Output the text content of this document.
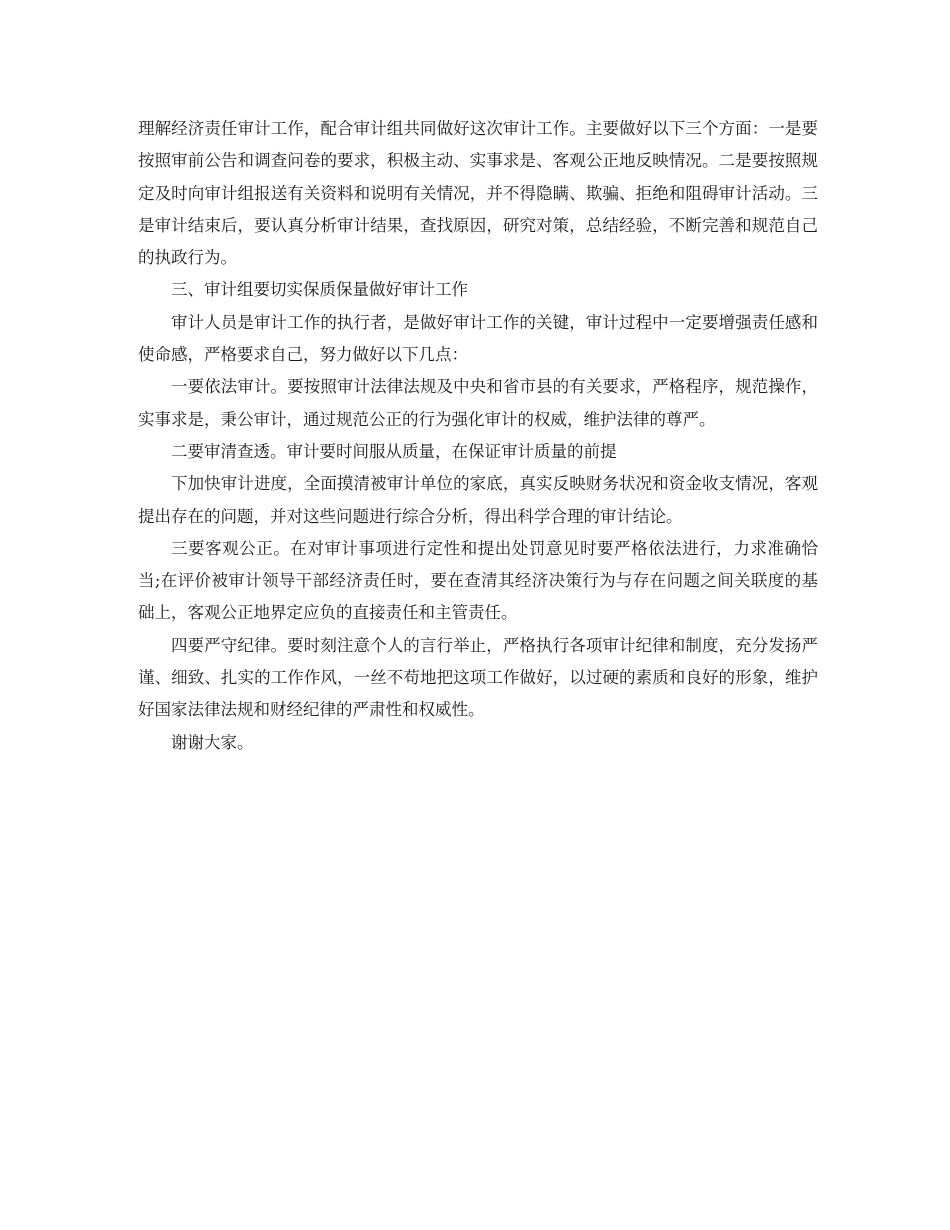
理解经济责任审计工作，配合审计组共同做好这次审计工作。主要做好以下三个方面：一是要按照审前公告和调查问卷的要求，积极主动、实事求是、客观公正地反映情况。二是要按照规定及时向审计组报送有关资料和说明有关情况，并不得隐瞒、欺骗、拒绝和阻碍审计活动。三是审计结束后，要认真分析审计结果，查找原因，研究对策，总结经验，不断完善和规范自己的执政行为。

三、审计组要切实保质保量做好审计工作

审计人员是审计工作的执行者，是做好审计工作的关键，审计过程中一定要增强责任感和使命感，严格要求自己，努力做好以下几点：

一要依法审计。要按照审计法律法规及中央和省市县的有关要求，严格程序，规范操作，实事求是，秉公审计，通过规范公正的行为强化审计的权威，维护法律的尊严。

二要审清查透。审计要时间服从质量，在保证审计质量的前提

下加快审计进度，全面摸清被审计单位的家底，真实反映财务状况和资金收支情况，客观提出存在的问题，并对这些问题进行综合分析，得出科学合理的审计结论。

三要客观公正。在对审计事项进行定性和提出处罚意见时要严格依法进行，力求准确恰当;在评价被审计领导干部经济责任时，要在查清其经济决策行为与存在问题之间关联度的基础上，客观公正地界定应负的直接责任和主管责任。

四要严守纪律。要时刻注意个人的言行举止，严格执行各项审计纪律和制度，充分发扬严谨、细致、扎实的工作作风，一丝不苟地把这项工作做好，以过硬的素质和良好的形象，维护好国家法律法规和财经纪律的严肃性和权威性。

谢谢大家。
